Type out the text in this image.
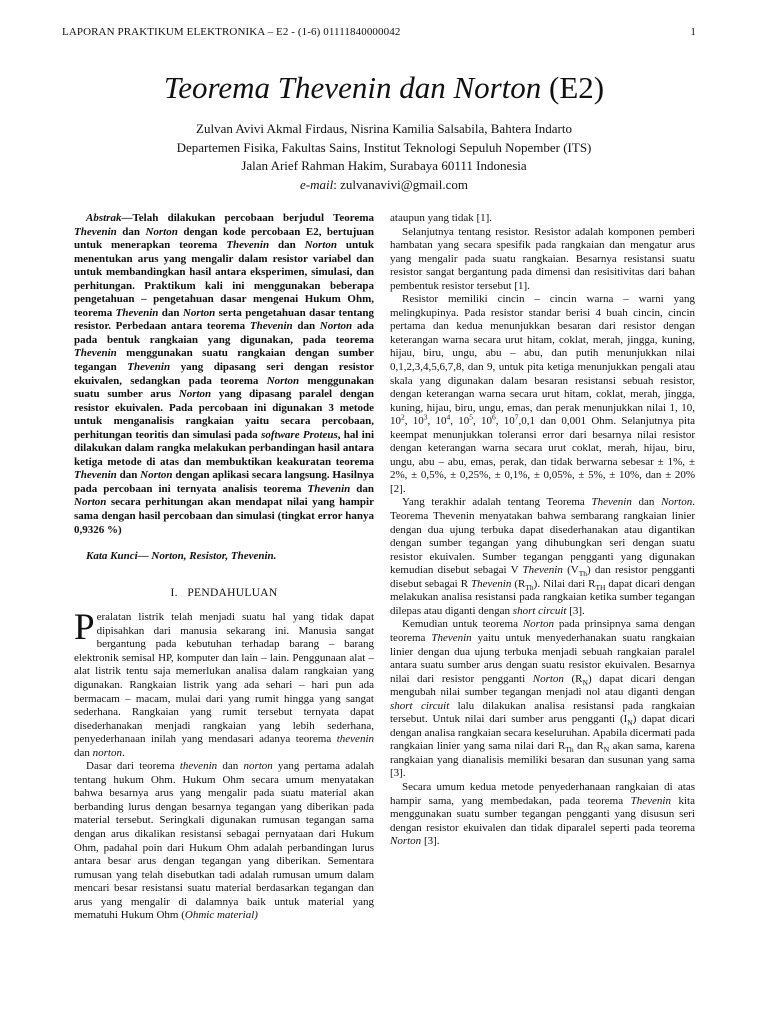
LAPORAN PRAKTIKUM ELEKTRONIKA – E2 - (1-6) 01111840000042	1
Teorema Thevenin dan Norton (E2)
Zulvan Avivi Akmal Firdaus, Nisrina Kamilia Salsabila, Bahtera Indarto
Departemen Fisika, Fakultas Sains, Institut Teknologi Sepuluh Nopember (ITS)
Jalan Arief Rahman Hakim, Surabaya 60111 Indonesia
e-mail: zulvanavivi@gmail.com

Abstrak—Telah dilakukan percobaan berjudul Teorema Thevenin dan Norton dengan kode percobaan E2, bertujuan untuk menerapkan teorema Thevenin dan Norton untuk menentukan arus yang mengalir dalam resistor variabel dan untuk membandingkan hasil antara eksperimen, simulasi, dan perhitungan. Praktikum kali ini menggunakan beberapa pengetahuan – pengetahuan dasar mengenai Hukum Ohm, teorema Thevenin dan Norton serta pengetahuan dasar tentang resistor. Perbedaan antara teorema Thevenin dan Norton ada pada bentuk rangkaian yang digunakan, pada teorema Thevenin menggunakan suatu rangkaian dengan sumber tegangan Thevenin yang dipasang seri dengan resistor ekuivalen, sedangkan pada teorema Norton menggunakan suatu sumber arus Norton yang dipasang paralel dengan resistor ekuivalen. Pada percobaan ini digunakan 3 metode untuk menganalisis rangkaian yaitu secara percobaan, perhitungan teoritis dan simulasi pada software Proteus, hal ini dilakukan dalam rangka melakukan perbandingan hasil antara ketiga metode di atas dan membuktikan keakuratan teorema Thevenin dan Norton dengan aplikasi secara langsung. Hasilnya pada percobaan ini ternyata analisis teorema Thevenin dan Norton secara perhitungan akan mendapat nilai yang hampir sama dengan hasil percobaan dan simulasi (tingkat error hanya 0,9326 %)

Kata Kunci— Norton, Resistor, Thevenin.

I. PENDAHULUAN

Peralatan listrik telah menjadi suatu hal yang tidak dapat dipisahkan dari manusia sekarang ini. Manusia sangat bergantung pada kebutuhan terhadap barang – barang elektronik semisal HP, komputer dan lain – lain. Penggunaan alat – alat listrik tentu saja memerlukan analisa dalam rangkaian yang digunakan. Rangkaian listrik yang ada sehari – hari pun ada bermacam – macam, mulai dari yang rumit hingga yang sangat sederhana. Rangkaian yang rumit tersebut ternyata dapat disederhanakan menjadi rangkaian yang lebih sederhana, penyederhanaan inilah yang mendasari adanya teorema thevenin dan norton.

Dasar dari teorema thevenin dan norton yang pertama adalah tentang hukum Ohm. Hukum Ohm secara umum menyatakan bahwa besarnya arus yang mengalir pada suatu material akan berbanding lurus dengan besarnya tegangan yang diberikan pada material tersebut. Seringkali digunakan rumusan tegangan sama dengan arus dikalikan resistansi sebagai pernyataan dari Hukum Ohm, padahal poin dari Hukum Ohm adalah perbandingan lurus antara besar arus dengan tegangan yang diberikan. Sementara rumusan yang telah disebutkan tadi adalah rumusan umum dalam mencari besar resistansi suatu material berdasarkan tegangan dan arus yang mengalir di dalamnya baik untuk material yang mematuhi Hukum Ohm (Ohmic material)

ataupun yang tidak [1].

Selanjutnya tentang resistor. Resistor adalah komponen pemberi hambatan yang secara spesifik pada rangkaian dan mengatur arus yang mengalir pada suatu rangkaian. Besarnya resistansi suatu resistor sangat bergantung pada dimensi dan resisitivitas dari bahan pembentuk resistor tersebut [1].

Resistor memiliki cincin – cincin warna – warni yang melingkupinya. Pada resistor standar berisi 4 buah cincin, cincin pertama dan kedua menunjukkan besaran dari resistor dengan keterangan warna secara urut hitam, coklat, merah, jingga, kuning, hijau, biru, ungu, abu – abu, dan putih menunjukkan nilai 0,1,2,3,4,5,6,7,8, dan 9, untuk pita ketiga menunjukkan pengali atau skala yang digunakan dalam besaran resistansi sebuah resistor, dengan keterangan warna secara urut hitam, coklat, merah, jingga, kuning, hijau, biru, ungu, emas, dan perak menunjukkan nilai 1, 10, $10^2$, $10^3$, $10^4$, $10^5$, $10^6$, $10^7,0,1$ dan 0,001 Ohm. Selanjutnya pita keempat menunjukkan toleransi error dari besarnya nilai resistor dengan keterangan warna secara urut coklat, merah, hijau, biru, ungu, abu – abu, emas, perak, dan tidak berwarna sebesar ± 1%, ± 2%, ± 0,5%, ± 0,25%, ± 0,1%, ± 0,05%, ± 5%, ± 10%, dan ± 20% [2].

Yang terakhir adalah tentang Teorema Thevenin dan Norton. Teorema Thevenin menyatakan bahwa sembarang rangkaian linier dengan dua ujung terbuka dapat disederhanakan atau digantikan dengan sumber tegangan yang dihubungkan seri dengan suatu resistor ekuivalen. Sumber tegangan pengganti yang digunakan kemudian disebut sebagai V Thevenin $(V_{Th})$ dan resistor pengganti disebut sebagai R Thevenin $(R_{Th})$. Nilai dari $R_{TH}$ dapat dicari dengan melakukan analisa resistansi pada rangkaian ketika sumber tegangan dilepas atau diganti dengan short circuit [3].

Kemudian untuk teorema Norton pada prinsipnya sama dengan teorema Thevenin yaitu untuk menyederhanakan suatu rangkaian linier dengan dua ujung terbuka menjadi sebuah rangkaian paralel antara suatu sumber arus dengan suatu resistor ekuivalen. Besarnya nilai dari resistor pengganti Norton $(R_N)$ dapat dicari dengan mengubah nilai sumber tegangan menjadi nol atau diganti dengan short circuit lalu dilakukan analisa resistansi pada rangkaian tersebut. Untuk nilai dari sumber arus pengganti $(I_N)$ dapat dicari dengan analisa rangkaian secara keseluruhan. Apabila dicermati pada rangkaian linier yang sama nilai dari $R_{Th}$ dan $R_N$ akan sama, karena rangkaian yang dianalisis memiliki besaran dan susunan yang sama [3].

Secara umum kedua metode penyederhanaan rangkaian di atas hampir sama, yang membedakan, pada teorema Thevenin kita menggunakan suatu sumber tegangan pengganti yang disusun seri dengan resistor ekuivalen dan tidak diparalel seperti pada teorema Norton [3].
